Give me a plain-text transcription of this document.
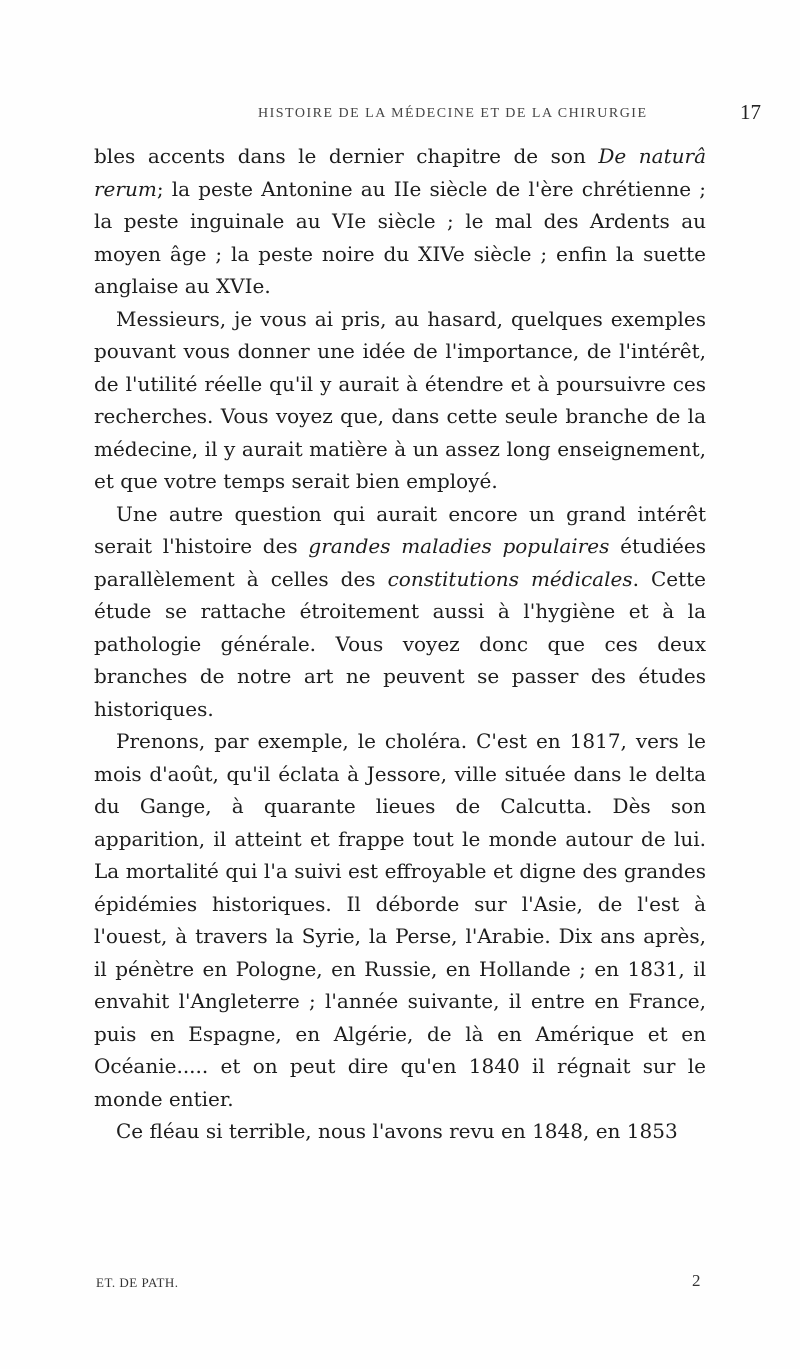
HISTOIRE DE LA MÉDECINE ET DE LA CHIRURGIE	17

bles accents dans le dernier chapitre de son De naturâ rerum; la peste Antonine au IIe siècle de l'ère chrétienne ; la peste inguinale au VIe siècle ; le mal des Ardents au moyen âge ; la peste noire du XIVe siècle ; enfin la suette anglaise au XVIe.

Messieurs, je vous ai pris, au hasard, quelques exemples pouvant vous donner une idée de l'importance, de l'intérêt, de l'utilité réelle qu'il y aurait à étendre et à poursuivre ces recherches. Vous voyez que, dans cette seule branche de la médecine, il y aurait matière à un assez long enseignement, et que votre temps serait bien employé.

Une autre question qui aurait encore un grand intérêt serait l'histoire des grandes maladies populaires étudiées parallèlement à celles des constitutions médicales. Cette étude se rattache étroitement aussi à l'hygiène et à la pathologie générale. Vous voyez donc que ces deux branches de notre art ne peuvent se passer des études historiques.

Prenons, par exemple, le choléra. C'est en 1817, vers le mois d'août, qu'il éclata à Jessore, ville située dans le delta du Gange, à quarante lieues de Calcutta. Dès son apparition, il atteint et frappe tout le monde autour de lui. La mortalité qui l'a suivi est effroyable et digne des grandes épidémies historiques. Il déborde sur l'Asie, de l'est à l'ouest, à travers la Syrie, la Perse, l'Arabie. Dix ans après, il pénètre en Pologne, en Russie, en Hollande ; en 1831, il envahit l'Angleterre ; l'année suivante, il entre en France, puis en Espagne, en Algérie, de là en Amérique et en Océanie..... et on peut dire qu'en 1840 il régnait sur le monde entier.

Ce fléau si terrible, nous l'avons revu en 1848, en 1853

ET. DE PATH.	2
